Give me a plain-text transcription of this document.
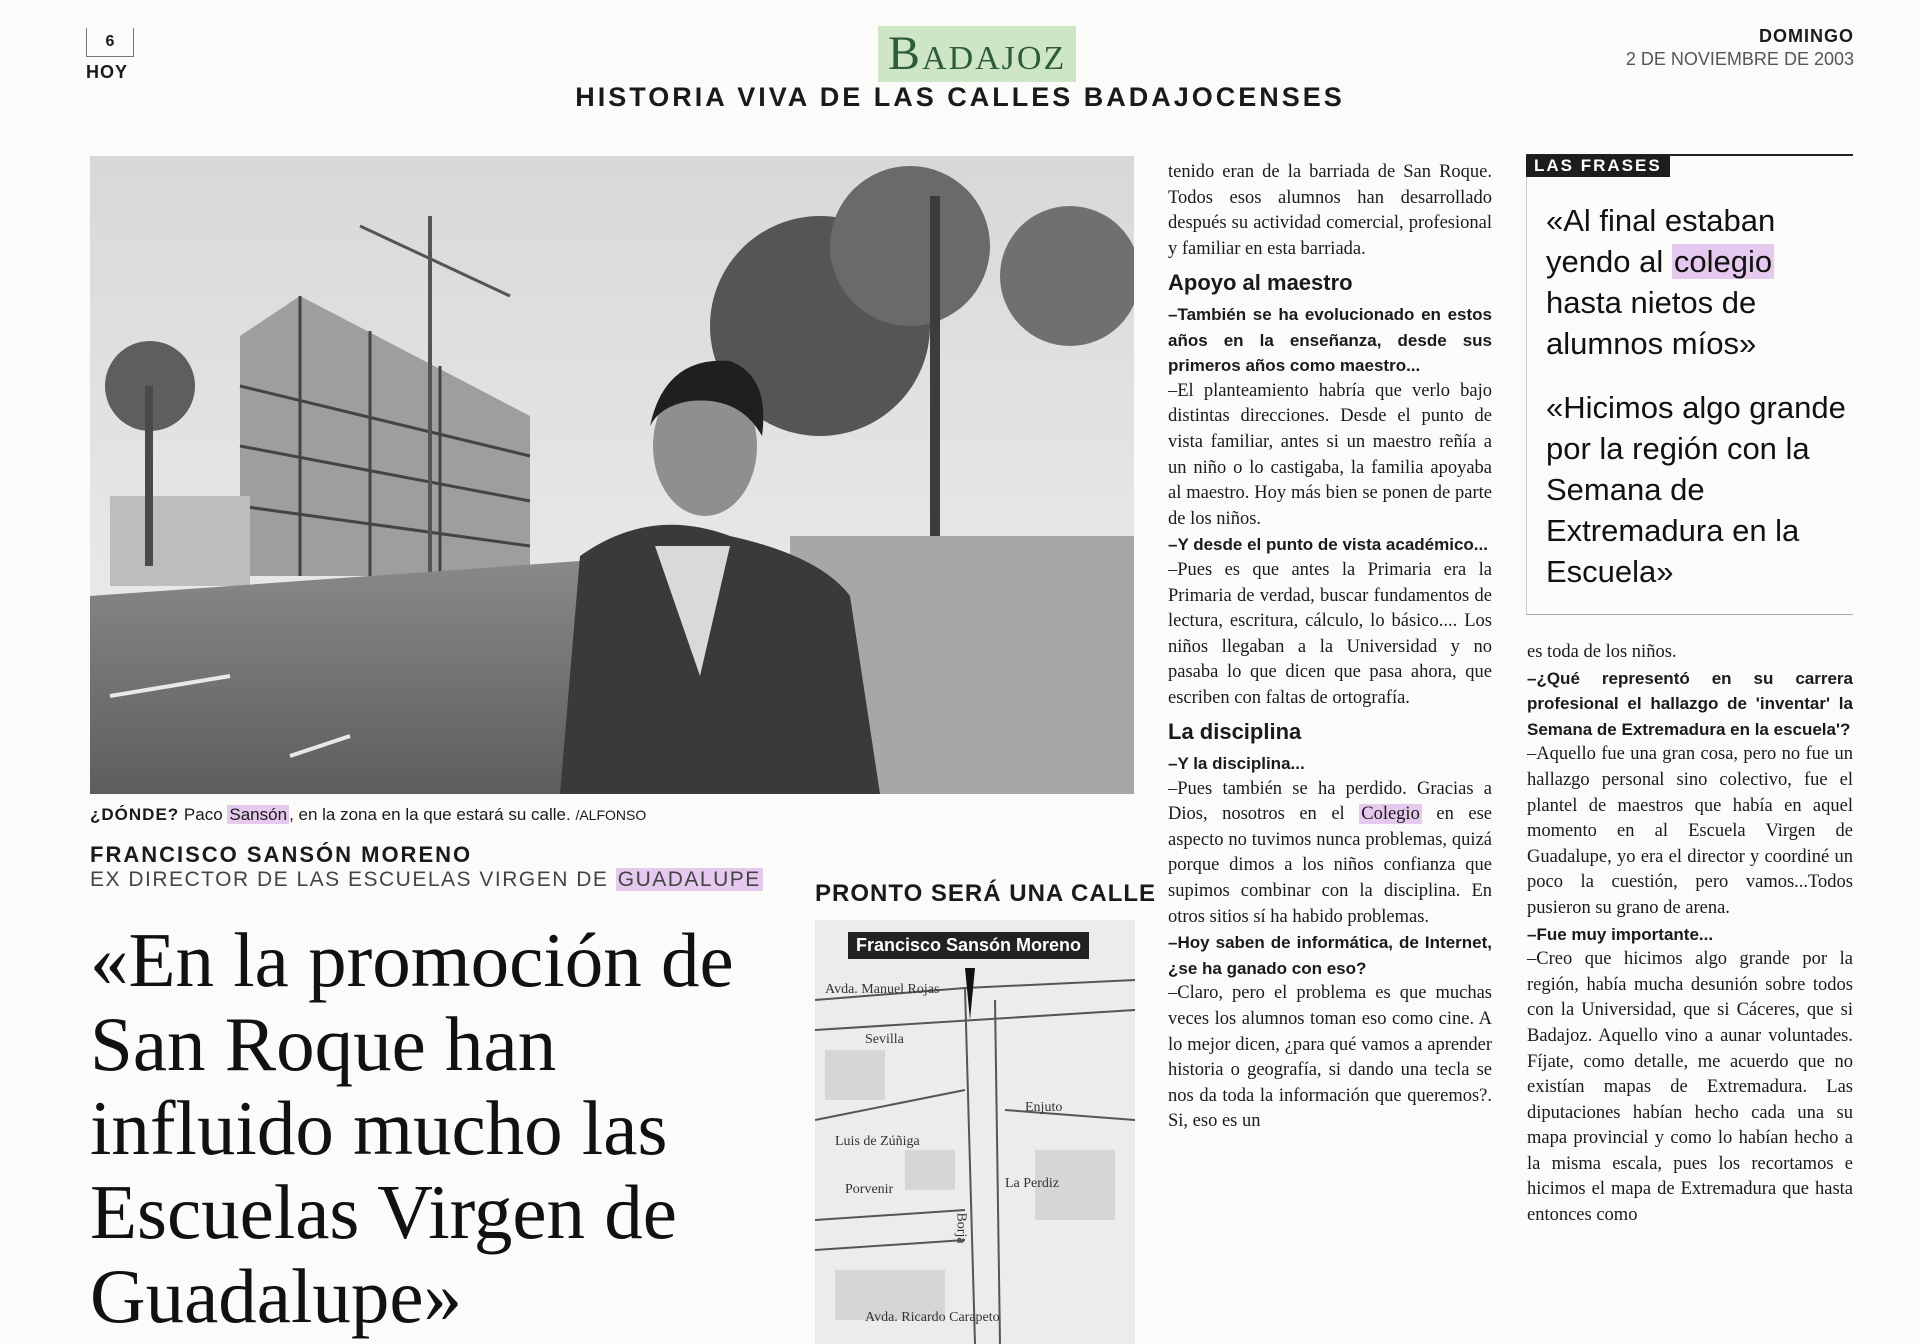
6
HOY	Badajoz
HISTORIA VIVA DE LAS CALLES BADAJOCENSES
DOMINGO
2 DE NOVIEMBRE DE 2003
¿DÓNDE? Paco Sansón , en la zona en la que estará su calle. /ALFONSO
FRANCISCO SANSÓN MORENO
EX DIRECTOR DE LAS ESCUELAS VIRGEN DE GUADALUPE
«En la promoción de San Roque han influido mucho las Escuelas Virgen de Guadalupe»
PRONTO SERÁ UNA CALLE
Avda. Manuel Rojas
Sevilla
Enjuto
Luis de Zúñiga
Porvenir	La Perdiz
Borja
Avda. Ricardo Carapeto
Francisco Sansón Moreno

tenido eran de la barriada de San Roque. Todos esos alumnos han desarrollado después su actividad comercial, profesional y familiar en esta barriada.

Apoyo al maestro

–También se ha evolucionado en estos años en la enseñanza, desde sus primeros años como maestro...

–El planteamiento habría que verlo bajo distintas direcciones. Desde el punto de vista familiar, antes si un maestro reñía a un niño o lo castigaba, la familia apoyaba al maestro. Hoy más bien se ponen de parte de los niños.

–Y desde el punto de vista académico...

–Pues es que antes la Primaria era la Primaria de verdad, buscar fundamentos de lectura, escritura, cálculo, lo básico.... Los niños llegaban a la Universidad y no pasaba lo que dicen que pasa ahora, que escriben con faltas de ortografía.

La disciplina

–Y la disciplina...

–Pues también se ha perdido. Gracias a Dios, nosotros en el Colegio en ese aspecto no tuvimos nunca problemas, quizá porque dimos a los niños confianza que supimos combinar con la disciplina. En otros sitios sí ha habido problemas.

–Hoy saben de informática, de Internet, ¿se ha ganado con eso?

–Claro, pero el problema es que muchas veces los alumnos toman eso como cine. A lo mejor dicen, ¿para qué vamos a aprender historia o geografía, si dando una tecla se nos da toda la información que queremos?. Si, eso es un

LAS FRASES
«Al final estaban yendo al colegio hasta nietos de alumnos míos»
«Hicimos algo grande por la región con la Semana de Extremadura en la Escuela»

es toda de los niños.

–¿Qué representó en su carrera profesional el hallazgo de 'inventar' la Semana de Extremadura en la escuela'?

–Aquello fue una gran cosa, pero no fue un hallazgo personal sino colectivo, fue el plantel de maestros que había en aquel momento en al Escuela Virgen de Guadalupe, yo era el director y coordiné un poco la cuestión, pero vamos...Todos pusieron su grano de arena.

–Fue muy importante...

–Creo que hicimos algo grande por la región, había mucha desunión sobre todos con la Universidad, que si Cáceres, que si Badajoz. Aquello vino a aunar voluntades. Fíjate, como detalle, me acuerdo que no existían mapas de Extremadura. Las diputaciones habían hecho cada una su mapa provincial y como lo habían hecho a la misma escala, pues los recortamos e hicimos el mapa de Extremadura que hasta entonces como
